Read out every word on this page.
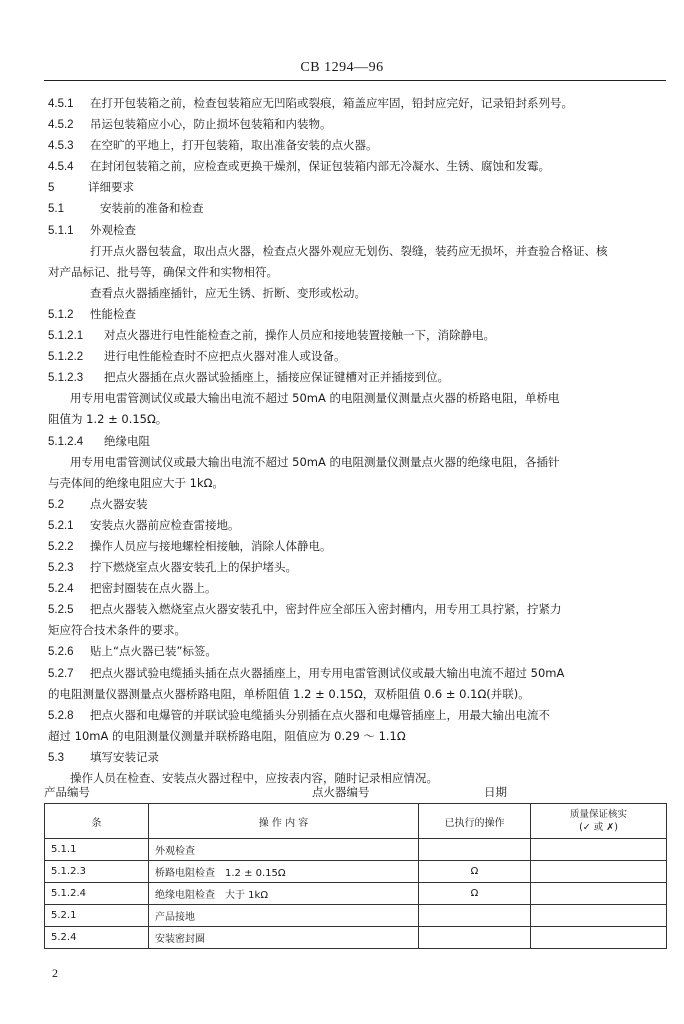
CB 1294—96
4.5.1 在打开包装箱之前，检查包装箱应无凹陷或裂痕，箱盖应牢固，铅封应完好，记录铅封系列号。
4.5.2 吊运包装箱应小心，防止损坏包装箱和内装物。
4.5.3 在空旷的平地上，打开包装箱，取出准备安装的点火器。
4.5.4 在封闭包装箱之前，应检查或更换干燥剂，保证包装箱内部无冷凝水、生锈、腐蚀和发霉。
5	详细要求
5.1	安装前的准备和检查
5.1.1 外观检查
打开点火器包装盒，取出点火器，检查点火器外观应无划伤、裂缝，装药应无损坏，并查验合格证、核
对产品标记、批号等，确保文件和实物相符。
查看点火器插座插针，应无生锈、折断、变形或松动。
5.1.2 性能检查
5.1.2.1 对点火器进行电性能检查之前，操作人员应和接地装置接触一下，消除静电。
5.1.2.2 进行电性能检查时不应把点火器对准人或设备。
5.1.2.3 把点火器插在点火器试验插座上，插接应保证键槽对正并插接到位。
用专用电雷管测试仪或最大输出电流不超过 50mA 的电阻测量仪测量点火器的桥路电阻，单桥电
阻值为 1.2 ± 0.15Ω。
5.1.2.4 绝缘电阻
用专用电雷管测试仪或最大输出电流不超过 50mA 的电阻测量仪测量点火器的绝缘电阻，各插针
与壳体间的绝缘电阻应大于 1kΩ。
5.2 点火器安装
5.2.1 安装点火器前应检查雷接地。
5.2.2 操作人员应与接地螺栓相接触，消除人体静电。
5.2.3 拧下燃烧室点火器安装孔上的保护堵头。
5.2.4 把密封圈装在点火器上。
5.2.5 把点火器装入燃烧室点火器安装孔中，密封件应全部压入密封槽内，用专用工具拧紧，拧紧力
矩应符合技术条件的要求。
5.2.6 贴上“点火器已装”标签。
5.2.7 把点火器试验电缆插头插在点火器插座上，用专用电雷管测试仪或最大输出电流不超过 50mA
的电阻测量仪器测量点火器桥路电阻，单桥阻值 1.2 ± 0.15Ω，双桥阻值 0.6 ± 0.1Ω(并联)。
5.2.8 把点火器和电爆管的并联试验电缆插头分别插在点火器和电爆管插座上，用最大输出电流不
超过 10mA 的电阻测量仪测量并联桥路电阻，阻值应为 0.29 ～ 1.1Ω
5.3 填写安装记录
操作人员在检查、安装点火器过程中，应按表内容，随时记录相应情况。
产品编号	点火器编号	日期
条	操 作 内 容	已执行的操作	质量保证核实
(✓ 或 ✗)

5.1.1	外观检查		
5.1.2.3	桥路电阻检查　1.2 ± 0.15Ω	Ω	
5.1.2.4	绝缘电阻检查　大于 1kΩ	Ω	
5.2.1	产品接地		
5.2.4	安装密封圈		
2
